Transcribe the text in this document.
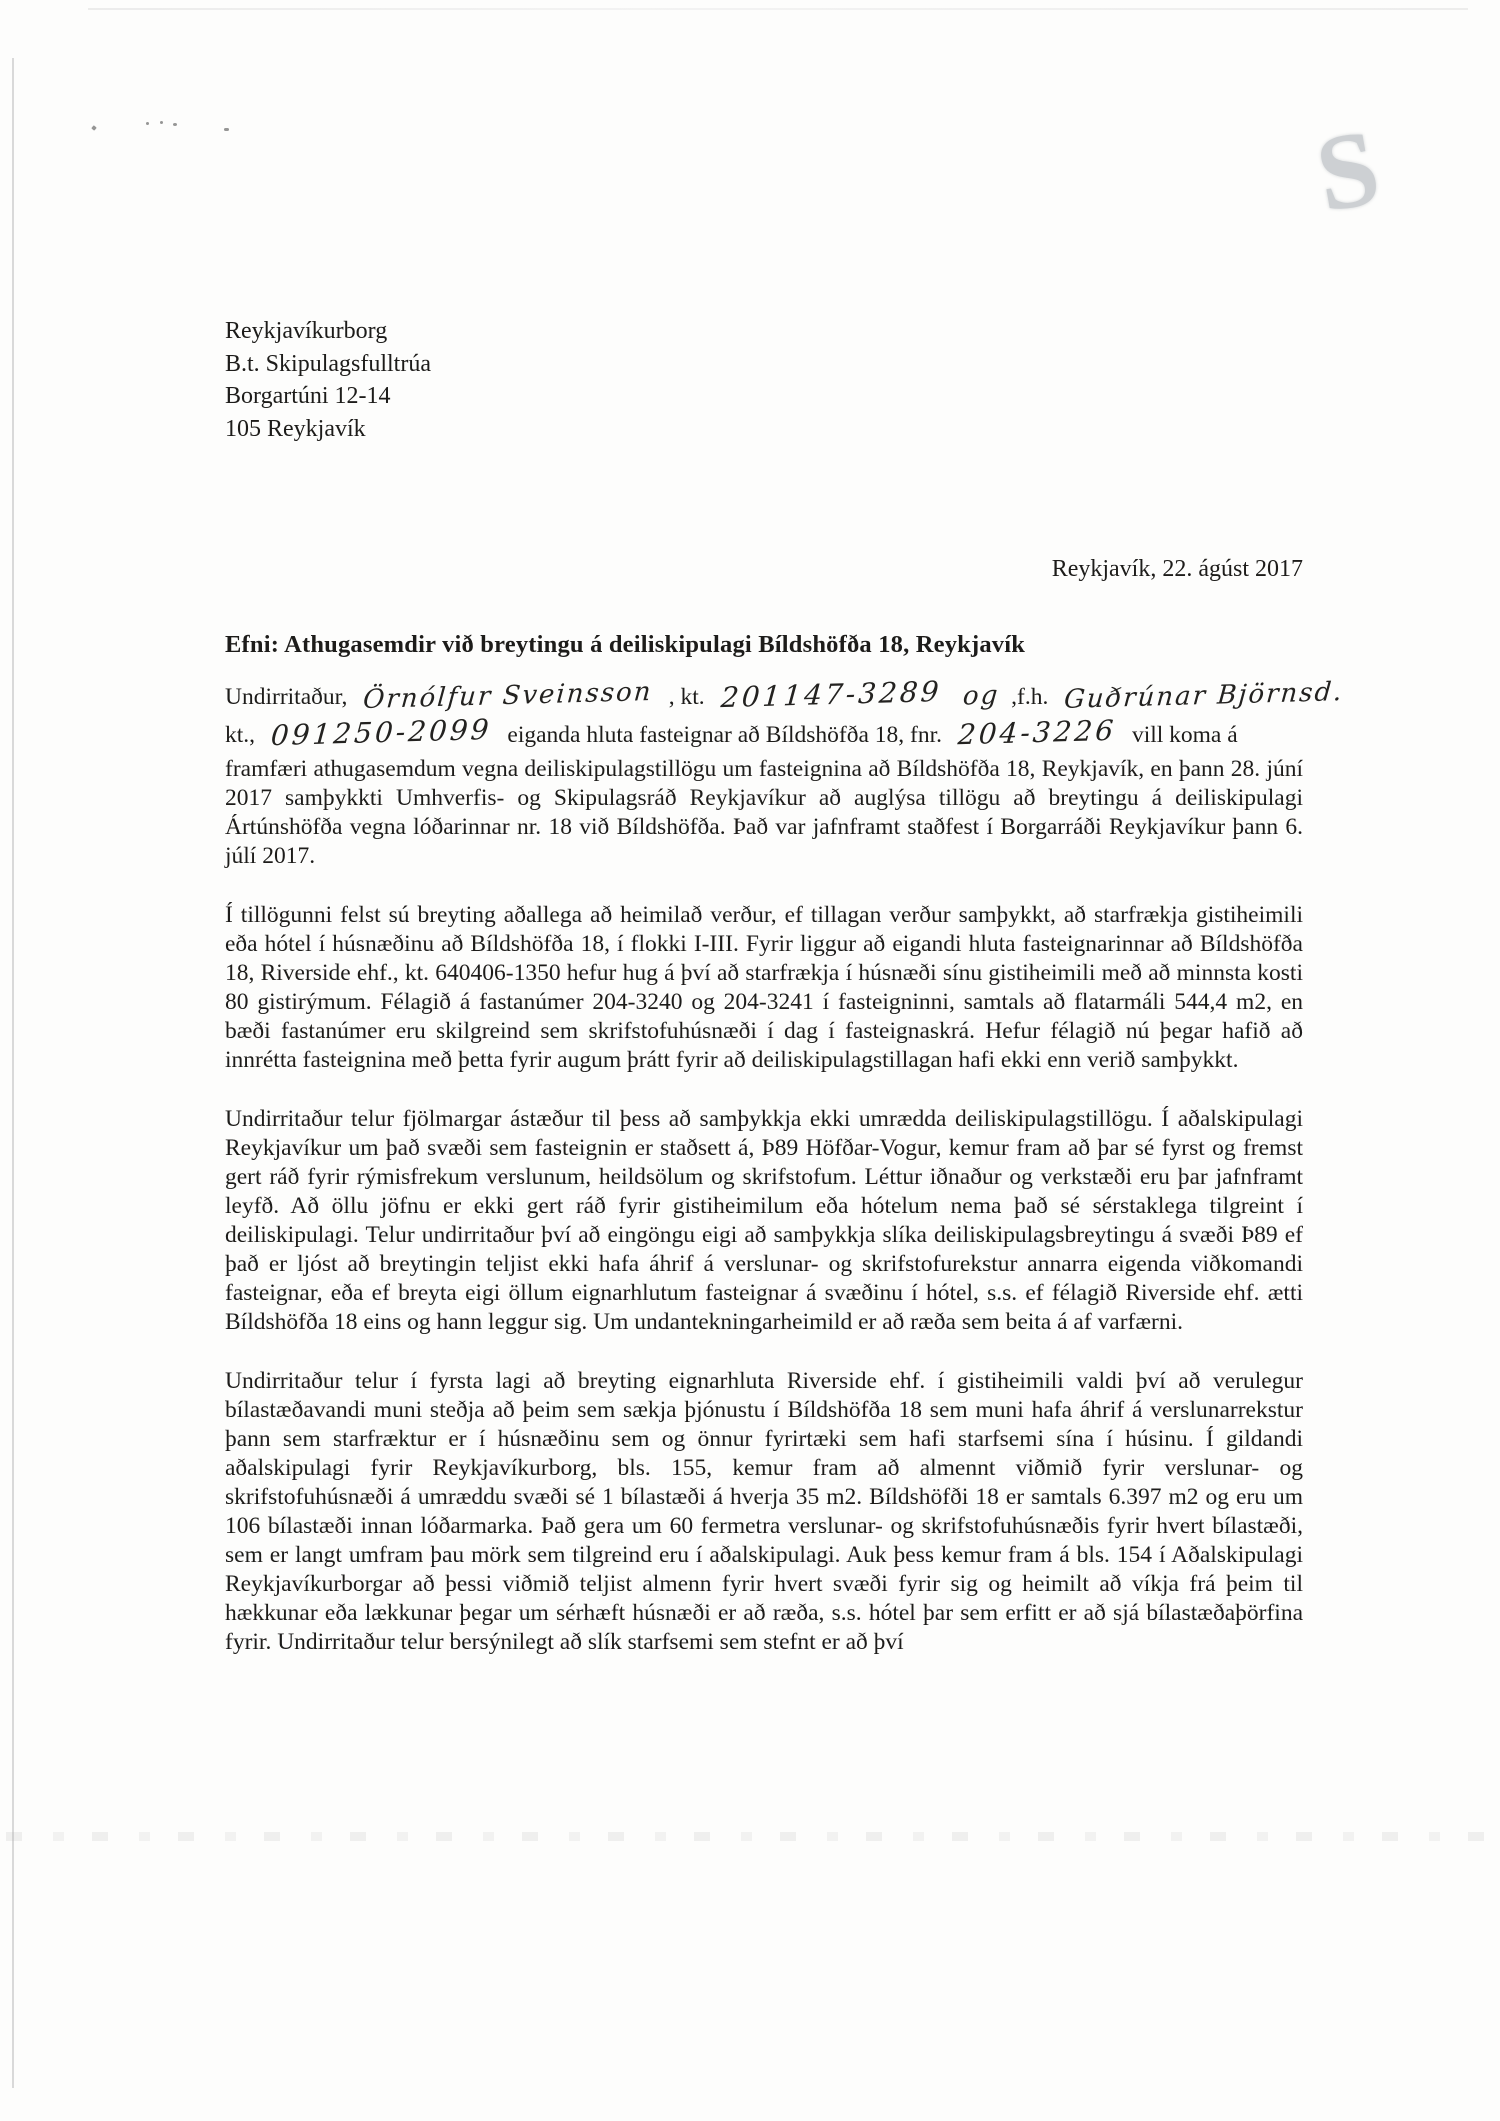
S
Reykjavíkurborg
B.t. Skipulagsfulltrúa
Borgartúni 12-14
105 Reykjavík
Reykjavík, 22. ágúst 2017
Efni: Athugasemdir við breytingu á deiliskipulagi Bíldshöfða 18, Reykjavík
Undirritaður, Örnólfur Sveinsson , kt. 201147-3289 og ,f.h. Guðrúnar Björnsd.
kt., 091250-2099 eiganda hluta fasteignar að Bíldshöfða 18, fnr. 204-3226 vill koma á

framfæri athugasemdum vegna deiliskipulagstillögu um fasteignina að Bíldshöfða 18, Reykjavík, en þann 28. júní 2017 samþykkti Umhverfis- og Skipulagsráð Reykjavíkur að auglýsa tillögu að breytingu á deiliskipulagi Ártúnshöfða vegna lóðarinnar nr. 18 við Bíldshöfða. Það var jafnframt staðfest í Borgarráði Reykjavíkur þann 6. júlí 2017.

Í tillögunni felst sú breyting aðallega að heimilað verður, ef tillagan verður samþykkt, að starfrækja gistiheimili eða hótel í húsnæðinu að Bíldshöfða 18, í flokki I-III. Fyrir liggur að eigandi hluta fasteignarinnar að Bíldshöfða 18, Riverside ehf., kt. 640406-1350 hefur hug á því að starfrækja í húsnæði sínu gistiheimili með að minnsta kosti 80 gistirýmum. Félagið á fastanúmer 204-3240 og 204-3241 í fasteigninni, samtals að flatarmáli 544,4 m2, en bæði fastanúmer eru skilgreind sem skrifstofuhúsnæði í dag í fasteignaskrá. Hefur félagið nú þegar hafið að innrétta fasteignina með þetta fyrir augum þrátt fyrir að deiliskipulagstillagan hafi ekki enn verið samþykkt.

Undirritaður telur fjölmargar ástæður til þess að samþykkja ekki umrædda deiliskipulagstillögu. Í aðalskipulagi Reykjavíkur um það svæði sem fasteignin er staðsett á, Þ89 Höfðar-Vogur, kemur fram að þar sé fyrst og fremst gert ráð fyrir rýmisfrekum verslunum, heildsölum og skrifstofum. Léttur iðnaður og verkstæði eru þar jafnframt leyfð. Að öllu jöfnu er ekki gert ráð fyrir gistiheimilum eða hótelum nema það sé sérstaklega tilgreint í deiliskipulagi. Telur undirritaður því að eingöngu eigi að samþykkja slíka deiliskipulagsbreytingu á svæði Þ89 ef það er ljóst að breytingin teljist ekki hafa áhrif á verslunar- og skrifstofurekstur annarra eigenda viðkomandi fasteignar, eða ef breyta eigi öllum eignarhlutum fasteignar á svæðinu í hótel, s.s. ef félagið Riverside ehf. ætti Bíldshöfða 18 eins og hann leggur sig. Um undantekningarheimild er að ræða sem beita á af varfærni.

Undirritaður telur í fyrsta lagi að breyting eignarhluta Riverside ehf. í gistiheimili valdi því að verulegur bílastæðavandi muni steðja að þeim sem sækja þjónustu í Bíldshöfða 18 sem muni hafa áhrif á verslunarrekstur þann sem starfræktur er í húsnæðinu sem og önnur fyrirtæki sem hafi starfsemi sína í húsinu. Í gildandi aðalskipulagi fyrir Reykjavíkurborg, bls. 155, kemur fram að almennt viðmið fyrir verslunar- og skrifstofuhúsnæði á umræddu svæði sé 1 bílastæði á hverja 35 m2. Bíldshöfði 18 er samtals 6.397 m2 og eru um 106 bílastæði innan lóðarmarka. Það gera um 60 fermetra verslunar- og skrifstofuhúsnæðis fyrir hvert bílastæði, sem er langt umfram þau mörk sem tilgreind eru í aðalskipulagi. Auk þess kemur fram á bls. 154 í Aðalskipulagi Reykjavíkurborgar að þessi viðmið teljist almenn fyrir hvert svæði fyrir sig og heimilt að víkja frá þeim til hækkunar eða lækkunar þegar um sérhæft húsnæði er að ræða, s.s. hótel þar sem erfitt er að sjá bílastæðaþörfina fyrir. Undirritaður telur bersýnilegt að slík starfsemi sem stefnt er að því
